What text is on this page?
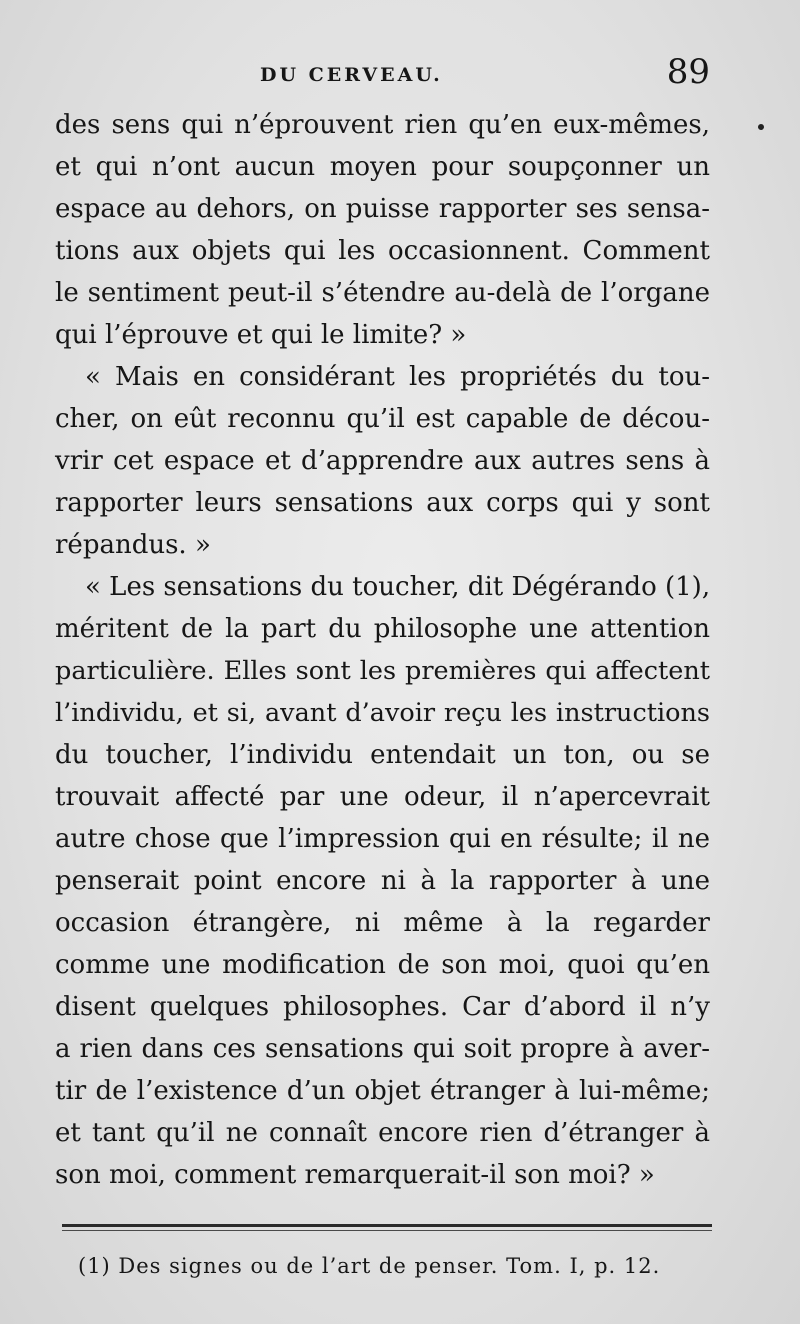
DU CERVEAU.	89
des sens qui n’éprouvent rien qu’en eux-mêmes,
et qui n’ont aucun moyen pour soupçonner un
espace au dehors, on puisse rapporter ses sensa-
tions aux objets qui les occasionnent. Comment
le sentiment peut-il s’étendre au-delà de l’organe
qui l’éprouve et qui le limite? »
« Mais en considérant les propriétés du tou-
cher, on eût reconnu qu’il est capable de décou-
vrir cet espace et d’apprendre aux autres sens à
rapporter leurs sensations aux corps qui y sont
répandus. »
« Les sensations du toucher, dit Dégérando (1),
méritent de la part du philosophe une attention
particulière. Elles sont les premières qui affectent
l’individu, et si, avant d’avoir reçu les instructions
du toucher, l’individu entendait un ton, ou se
trouvait affecté par une odeur, il n’apercevrait
autre chose que l’impression qui en résulte; il ne
penserait point encore ni à la rapporter à une
occasion étrangère, ni même à la regarder
comme une modification de son moi, quoi qu’en
disent quelques philosophes. Car d’abord il n’y
a rien dans ces sensations qui soit propre à aver-
tir de l’existence d’un objet étranger à lui-même;
et tant qu’il ne connaît encore rien d’étranger à
son moi, comment remarquerait-il son moi? »
(1) Des signes ou de l’art de penser. Tom. I, p. 12.
